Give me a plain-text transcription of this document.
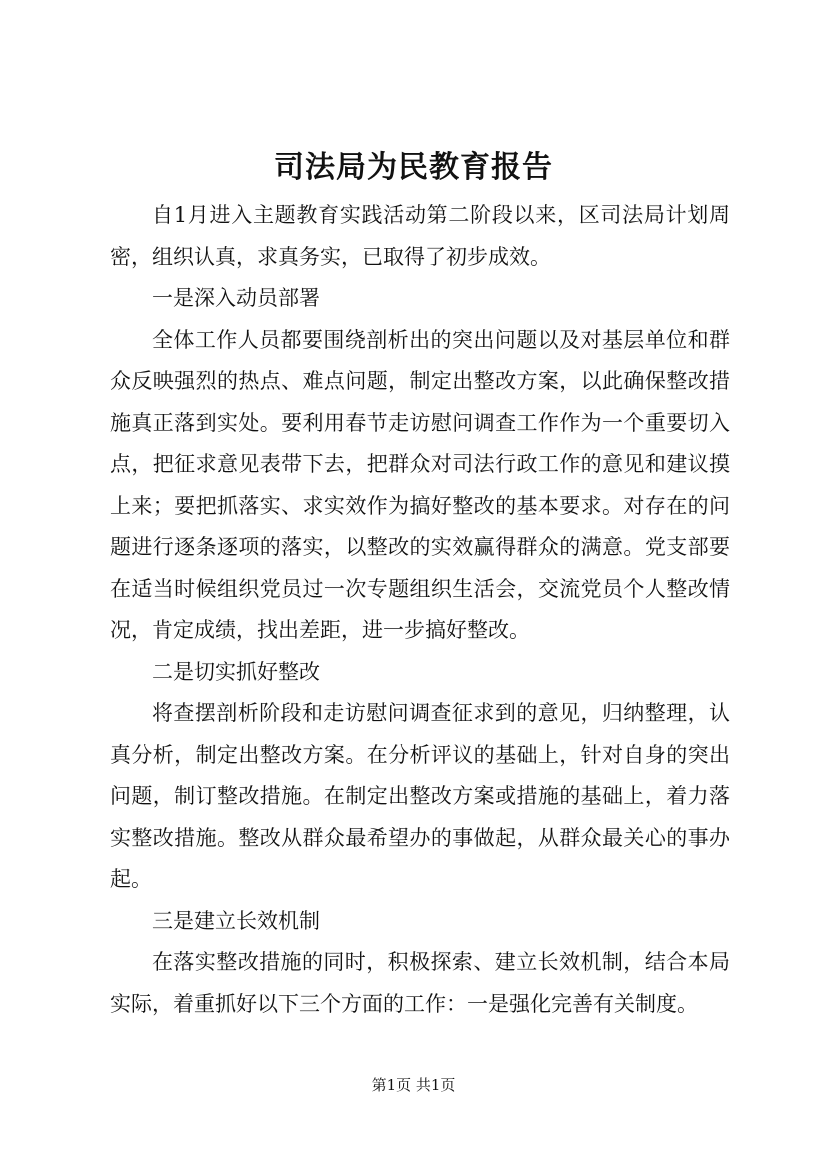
司法局为民教育报告

自1月进入主题教育实践活动第二阶段以来，区司法局计划周密，组织认真，求真务实，已取得了初步成效。

一是深入动员部署

全体工作人员都要围绕剖析出的突出问题以及对基层单位和群众反映强烈的热点、难点问题，制定出整改方案，以此确保整改措施真正落到实处。要利用春节走访慰问调查工作作为一个重要切入点，把征求意见表带下去，把群众对司法行政工作的意见和建议摸上来；要把抓落实、求实效作为搞好整改的基本要求。对存在的问题进行逐条逐项的落实，以整改的实效赢得群众的满意。党支部要在适当时候组织党员过一次专题组织生活会，交流党员个人整改情况，肯定成绩，找出差距，进一步搞好整改。

二是切实抓好整改

将查摆剖析阶段和走访慰问调查征求到的意见，归纳整理，认真分析，制定出整改方案。在分析评议的基础上，针对自身的突出问题，制订整改措施。在制定出整改方案或措施的基础上，着力落实整改措施。整改从群众最希望办的事做起，从群众最关心的事办起。

三是建立长效机制

在落实整改措施的同时，积极探索、建立长效机制，结合本局实际，着重抓好以下三个方面的工作：一是强化完善有关制度。

第1页 共1页
